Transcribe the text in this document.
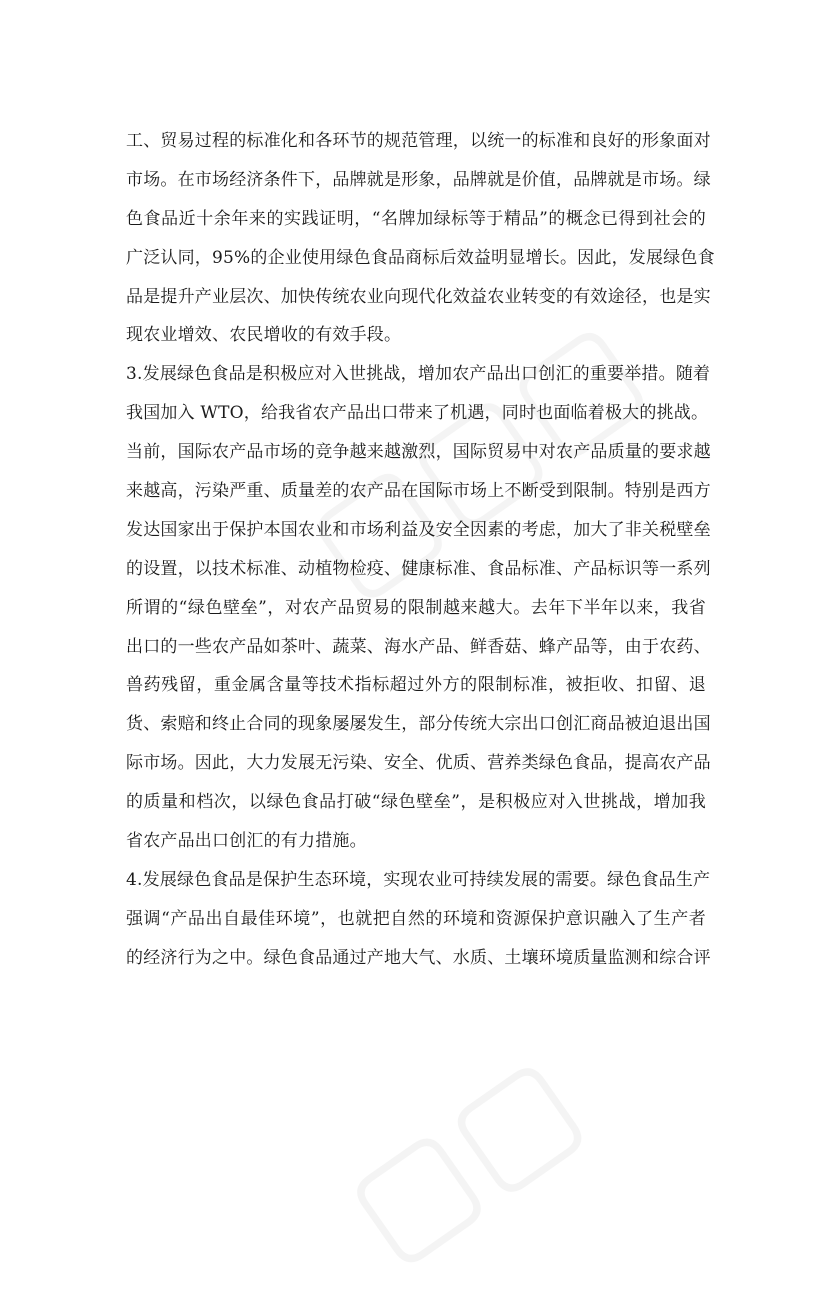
工、贸易过程的标准化和各环节的规范管理，以统一的标准和良好的形象面对
市场。在市场经济条件下，品牌就是形象，品牌就是价值，品牌就是市场。绿
色食品近十余年来的实践证明，“名牌加绿标等于精品”的概念已得到社会的
广泛认同，95%的企业使用绿色食品商标后效益明显增长。因此，发展绿色食
品是提升产业层次、加快传统农业向现代化效益农业转变的有效途径，也是实
现农业增效、农民增收的有效手段。
3.发展绿色食品是积极应对入世挑战，增加农产品出口创汇的重要举措。随着
我国加入 WTO，给我省农产品出口带来了机遇，同时也面临着极大的挑战。
当前，国际农产品市场的竞争越来越激烈，国际贸易中对农产品质量的要求越
来越高，污染严重、质量差的农产品在国际市场上不断受到限制。特别是西方
发达国家出于保护本国农业和市场利益及安全因素的考虑，加大了非关税壁垒
的设置，以技术标准、动植物检疫、健康标准、食品标准、产品标识等一系列
所谓的“绿色壁垒”，对农产品贸易的限制越来越大。去年下半年以来，我省
出口的一些农产品如茶叶、蔬菜、海水产品、鲜香菇、蜂产品等，由于农药、
兽药残留，重金属含量等技术指标超过外方的限制标准，被拒收、扣留、退
货、索赔和终止合同的现象屡屡发生，部分传统大宗出口创汇商品被迫退出国
际市场。因此，大力发展无污染、安全、优质、营养类绿色食品，提高农产品
的质量和档次，以绿色食品打破“绿色壁垒”，是积极应对入世挑战，增加我
省农产品出口创汇的有力措施。
4.发展绿色食品是保护生态环境，实现农业可持续发展的需要。绿色食品生产
强调“产品出自最佳环境”，也就把自然的环境和资源保护意识融入了生产者
的经济行为之中。绿色食品通过产地大气、水质、土壤环境质量监测和综合评
